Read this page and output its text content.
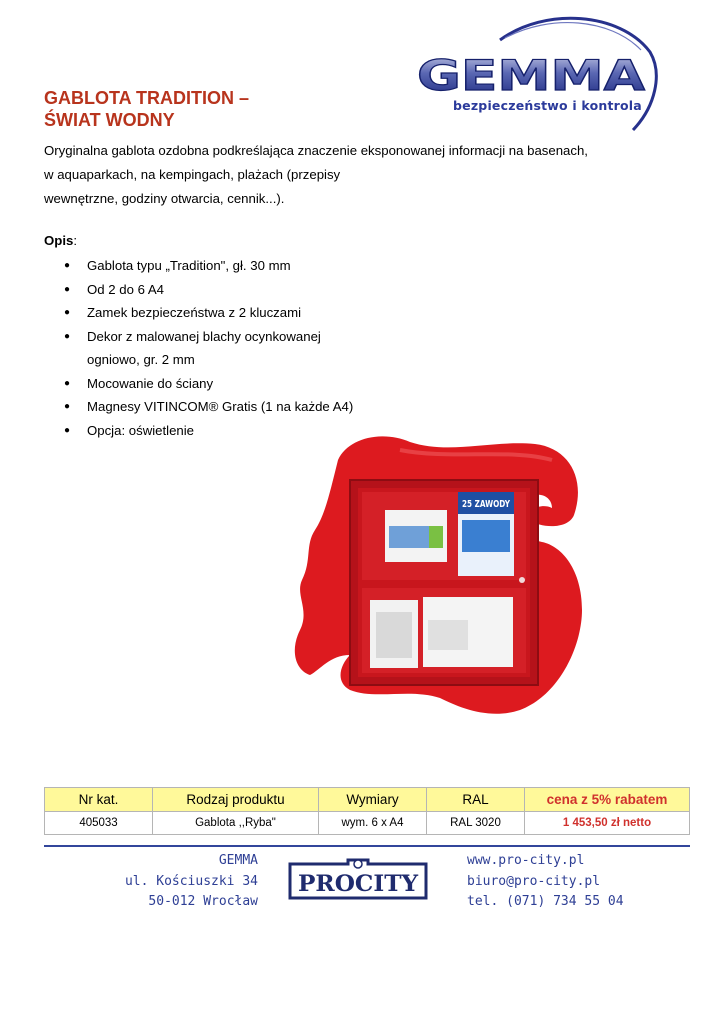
GEMMA
bezpieczeństwo i kontrola
GABLOTA TRADITION –
ŚWIAT WODNY
Oryginalna gablota ozdobna podkreślająca znaczenie eksponowanej informacji na basenach,
w aquaparkach, na kempingach, plażach (przepisy
wewnętrzne, godziny otwarcia, cennik...).
Opis:
● Gablota typu „Tradition", gł. 30 mm
● Od 2 do 6 A4
● Zamek bezpieczeństwa z 2 kluczami
● Dekor z malowanej blachy ocynkowanej
ogniowo, gr. 2 mm
● Mocowanie do ściany
● Magnesy VITINCOM® Gratis (1 na każde A4)
● Opcja: oświetlenie
25 ZAWODY
Nr kat.	Rodzaj produktu	Wymiary	RAL	cena z 5% rabatem
405033	Gablota ,,Ryba"	wym. 6 x A4	RAL 3020	1 453,50 zł netto
GEMMA
ul. Kościuszki 34
50-012 Wrocław
PROCITY
www.pro-city.pl
biuro@pro-city.pl
tel. (071) 734 55 04
